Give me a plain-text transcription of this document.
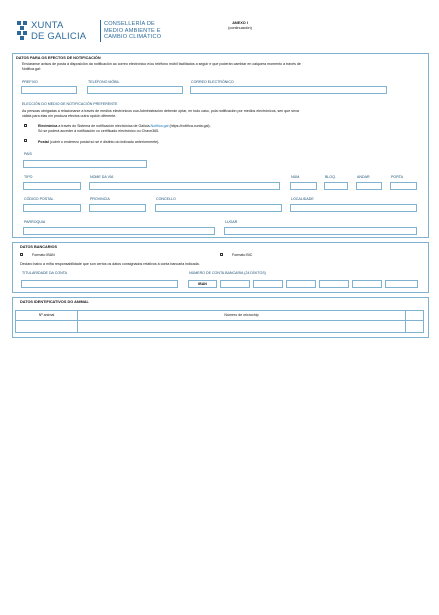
XUNTA
DE GALICIA
CONSELLERÍA DE
MEDIO AMBIENTE E
CAMBIO CLIMÁTICO
ANEXO I
(continuación)
DATOS PARA OS EFECTOS DE NOTIFICACIÓN
Enviaranse avisos de posta á disposición da notificación ao correo electrónico e/ou teléfono móbil facilitados a seguir e que poderán cambiar en calquera momento a través de
Notifica.gal:
PREFIXO	TELÉFONO MÓBIL	CORREO ELECTRÓNICO
ELECCIÓN DO MEDIO DE NOTIFICACIÓN PREFERENTE
As persoas obrigadas a relacionarse a través de medios electrónicos coa Administración deberán optar, en todo caso, pola notificación por medios electrónicos, sen que sexa
válida para elas nin produza efectos outra opción diferente.
Electrónica a través do Sistema de notificación electrónica de Galicia-Notifica.gal (https://notifica.xunta.gal).
Só se poderá acceder á notificación co certificado electrónico ou Chave365.
Postal (cubrir o enderezo postal só se é distinto do indicado anteriormente).
PAÍS
TIPO	NOME DA VÍA	NÚM.	BLOQ.	ANDAR	PORTA
CÓDIGO POSTAL	PROVINCIA	CONCELLO	LOCALIDADE
PARROQUIA	LUGAR
DATOS BANCARIOS
Formato IBAN	Formato BIC
Declaro baixo a miña responsabilidade que son certos os datos consignados relativos á conta bancaria indicada.
TITULARIDADE DA CONTA	NÚMERO DE CONTA BANCARIA (24 DÍXITOS)
IBAN
DATOS IDENTIFICATIVOS DO ANIMAL
Nº animal	Número de microchip
